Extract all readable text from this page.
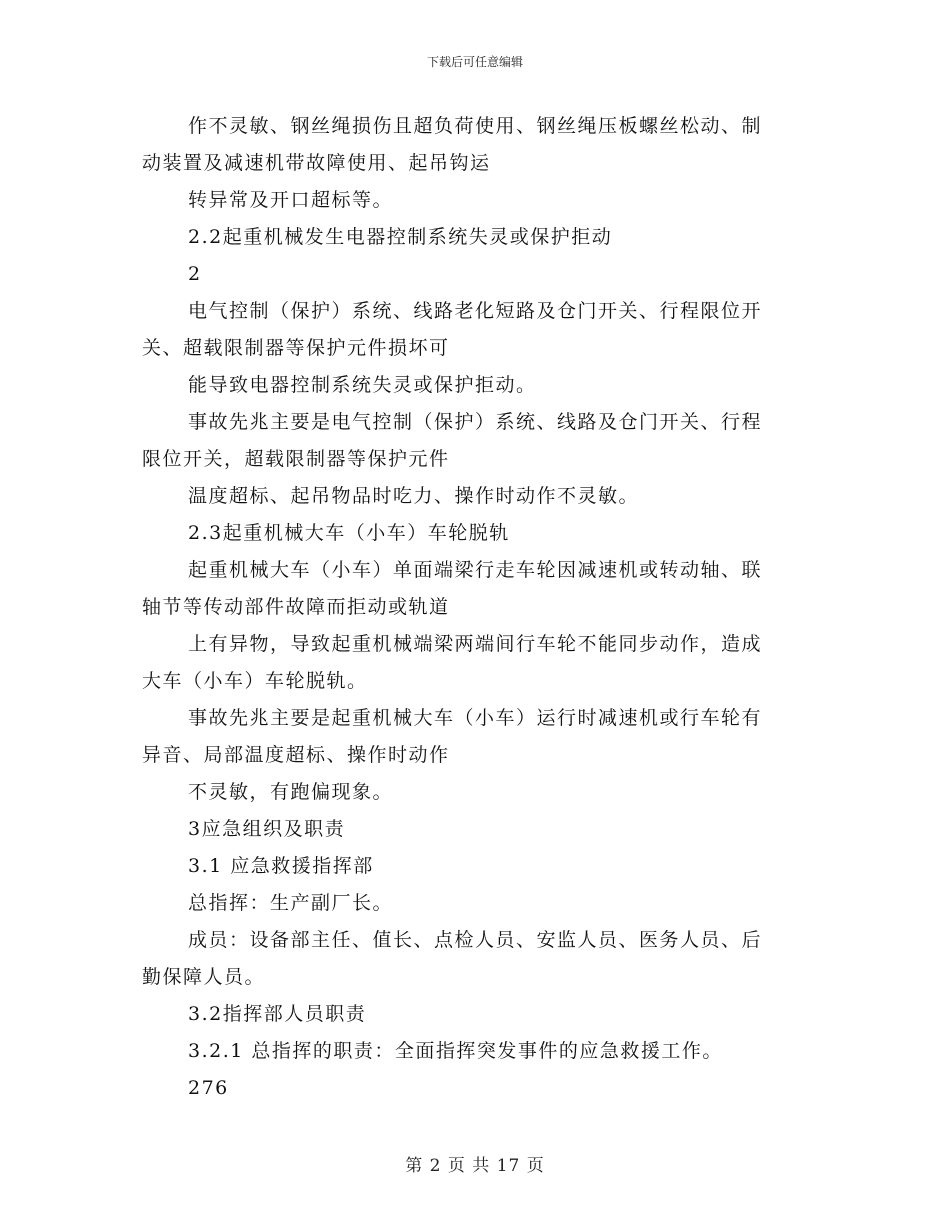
下载后可任意编辑

作不灵敏、钢丝绳损伤且超负荷使用、钢丝绳压板螺丝松动、制
动装置及减速机带故障使用、起吊钩运

转异常及开口超标等。

2.2起重机械发生电器控制系统失灵或保护拒动

2

电气控制（保护）系统、线路老化短路及仓门开关、行程限位开
关、超载限制器等保护元件损坏可

能导致电器控制系统失灵或保护拒动。

事故先兆主要是电气控制（保护）系统、线路及仓门开关、行程
限位开关，超载限制器等保护元件

温度超标、起吊物品时吃力、操作时动作不灵敏。

2.3起重机械大车（小车）车轮脱轨

起重机械大车（小车）单面端梁行走车轮因减速机或转动轴、联
轴节等传动部件故障而拒动或轨道

上有异物，导致起重机械端梁两端间行车轮不能同步动作，造成
大车（小车）车轮脱轨。

事故先兆主要是起重机械大车（小车）运行时减速机或行车轮有
异音、局部温度超标、操作时动作

不灵敏，有跑偏现象。

3应急组织及职责

3.1 应急救援指挥部

总指挥：生产副厂长。

成员：设备部主任、值长、点检人员、安监人员、医务人员、后
勤保障人员。

3.2指挥部人员职责

3.2.1 总指挥的职责：全面指挥突发事件的应急救援工作。

276

第 2 页 共 17 页
